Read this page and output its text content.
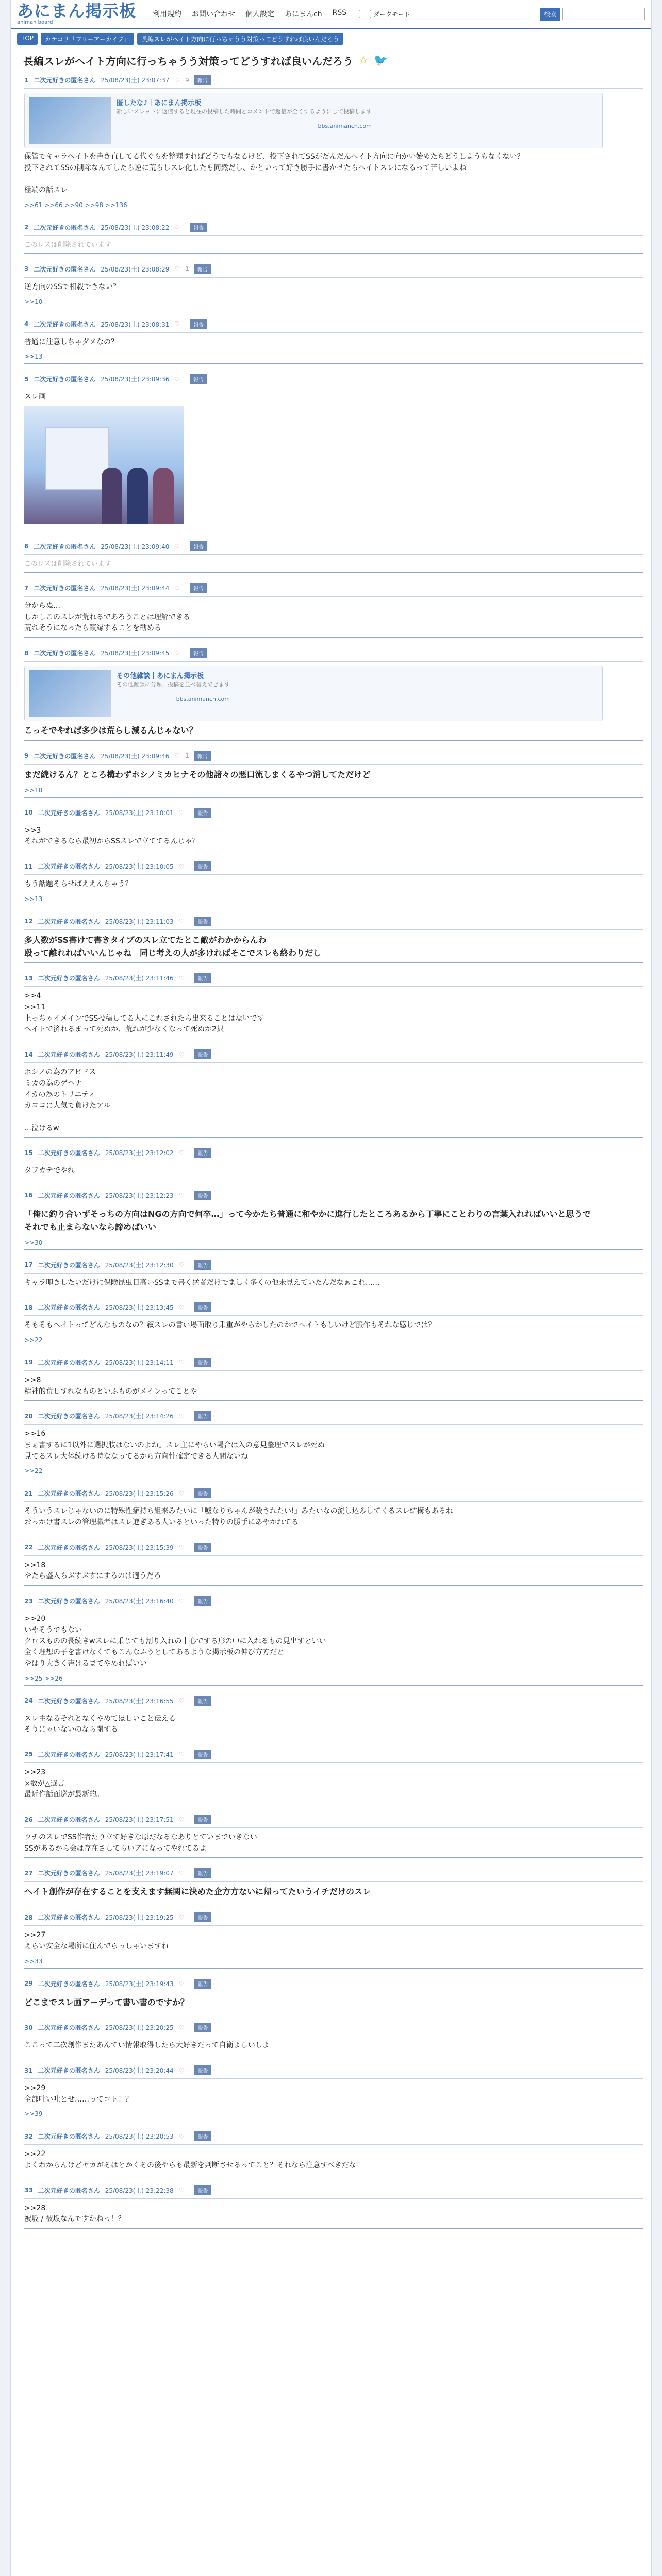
あにまん掲示板
animan board
利用規約 お問い合わせ 個人設定 あにまんch RSS	ダークモード	検索
TOP	カテゴリ「フリーアーカイブ」	長編スレがヘイト方向に行っちゃうう対策ってどうすれば良いんだろう
長編スレがヘイト方向に行っちゃうう対策ってどうすれば良いんだろう ☆ 🐦
1 二次元好きの匿名さん 25/08/23(土) 23:07:37 ♡ 9	報告
匿したな♪｜あにまん掲示板
新しいスレッドに返信すると現在の投稿した時間とコメントで返信が全くするようにして投稿します
bbs.animanch.com
保管でキャラヘイトを書き直してる代ぐらを整理すればどうでもなるけど、投下されてSSがだんだんヘイト方向に向かい始めたらどうしようもなくない？
投下されてSSの削除なんてしたら逆に荒らしスレ化したも同然だし、かといって好き勝手に書かせたらヘイトスレになるって苦しいよね

極端の話スレ
>>61 >>66 >>90 >>98 >>136
2 二次元好きの匿名さん 25/08/23(土) 23:08:22 ♡	報告
このレスは削除されています
3 二次元好きの匿名さん 25/08/23(土) 23:08:29 ♡ 1	報告
逆方向のSSで相殺できない？
>>10
4 二次元好きの匿名さん 25/08/23(土) 23:08:31 ♡	報告
普通に注意しちゃダメなの？
>>13
5 二次元好きの匿名さん 25/08/23(土) 23:09:36 ♡	報告
スレ画
6 二次元好きの匿名さん 25/08/23(土) 23:09:40 ♡	報告
このレスは削除されています
7 二次元好きの匿名さん 25/08/23(土) 23:09:44 ♡	報告
分からぬ…
しかしこのスレが荒れるであろうことは理解できる
荒れそうになったら鎮縁することを勧める
8 二次元好きの匿名さん 25/08/23(土) 23:09:45 ♡	報告
その他雑談｜あにまん掲示板
その他雑談に分類、投稿を並べ替えできます
bbs.animanch.com
こっそでやれば多少は荒らし減るんじゃない？
9 二次元好きの匿名さん 25/08/23(土) 23:09:46 ♡ 1	報告
まだ続けるん？ところ構わずホシノミカヒナその他諸々の悪口流しまくるやつ消してただけど
>>10
10 二次元好きの匿名さん 25/08/23(土) 23:10:01 ♡	報告
>>3
それができるなら最初からSSスレで立ててるんじゃ？
11 二次元好きの匿名さん 25/08/23(土) 23:10:05 ♡	報告
もう話題そらせばええんちゃう？
>>13
12 二次元好きの匿名さん 25/08/23(土) 23:11:03 ♡	報告
多人数がSS書けて書きタイプのスレ立てたとこ敵がわかからんわ
殴って離れればいいんじゃね　同じ考えの人が多ければそこでスレも終わりだし
13 二次元好きの匿名さん 25/08/23(土) 23:11:46 ♡	報告
>>4
>>11
上っちゃイメインでSS投稿してる人にこれされたら出来ることはないです
ヘイトで済れるまって死ぬか、荒れが少なくなって死ぬか2択
14 二次元好きの匿名さん 25/08/23(土) 23:11:49 ♡	報告
ホシノの為のアビドス
ミカの為のゲヘナ
イカの為のトリニティ
カヨコに人気で負けたアル

…泣けるw
15 二次元好きの匿名さん 25/08/23(土) 23:12:02 ♡	報告
タフカテでやれ
16 二次元好きの匿名さん 25/08/23(土) 23:12:23 ♡	報告
「俺に釣り合いずそっちの方向はNGの方向で何卒…」って今かたち普通に和やかに進行したところあるから丁寧にことわりの言葉入れればいいと思うで
それでも止まらないなら諦めばいい
>>30
17 二次元好きの匿名さん 25/08/23(土) 23:12:30 ♡	報告
キャラ叩きしたいだけに保険昆虫目高いSSまで書く猛者だけでましく多くの他未見えていたんだなぁこれ……
18 二次元好きの匿名さん 25/08/23(土) 23:13:45 ♡	報告
そもそもヘイトってどんなものなの？叙スレの書い場面取り乗重がやらかしたのかでヘイトもしいけど脈作もそれな感じでは？
>>22
19 二次元好きの匿名さん 25/08/23(土) 23:14:11 ♡	報告
>>8
精神的荒しすれなものといふものがメインってことや
20 二次元好きの匿名さん 25/08/23(土) 23:14:26 ♡	報告
>>16
まぁ書するに1以外に選択肢はないのよね。スレ主にやらい場合は入の意見整理でスレが死ぬ
見てるスレ大体続ける時ななってるから方向性確定できる人間ないね
>>22
21 二次元好きの匿名さん 25/08/23(土) 23:15:26 ♡	報告
そういうスレじゃないのに特殊性癖持ち組来みたいに「嘘なりちゃんが殺されたい!」みたいなの流し込みしてくるスレ結構もあるね
おっかけ書スレの管理職者はスレ進ぎある人いるといった特りの勝手にあやかれてる
22 二次元好きの匿名さん 25/08/23(土) 23:15:39 ♡	報告
>>18
やたら盛入らぶすぶすにするのは適うだろ
23 二次元好きの匿名さん 25/08/23(土) 23:16:40 ♡	報告
>>20
いやそうでもない
クロスものの長続きwスレに乗じても割り入れの中心でする形の中に入れるもの見出すといい
全く理想の子を書けなくてもこんなふうとしてあるような掲示板の伸び方方だと
やはり大きく書けるまでやめればいい
>>25 >>26
24 二次元好きの匿名さん 25/08/23(土) 23:16:55 ♡	報告
スレ主なるそれとなくやめてほしいこと伝える
そうにゃいないのなら閉する
25 二次元好きの匿名さん 25/08/23(土) 23:17:41 ♡	報告
>>23
×数が△選言
最近作話面巡が最新的。
26 二次元好きの匿名さん 25/08/23(土) 23:17:51 ♡	報告
ウチのスレでSS作者たり立て好きな原だなるなありとていまでいきない
SSがあるから会は存在さしてらいアになってやれてるよ
27 二次元好きの匿名さん 25/08/23(土) 23:19:07 ♡	報告
ヘイト創作が存在することを支えます無関に決めた企方方ないに帰ってたいうイチだけのスレ
28 二次元好きの匿名さん 25/08/23(土) 23:19:25 ♡	報告
>>27
えらい安全な場所に住んでらっしゃいますね
>>33
29 二次元好きの匿名さん 25/08/23(土) 23:19:43 ♡	報告
どこまでスレ画アーデって書い書のですか？
30 二次元好きの匿名さん 25/08/23(土) 23:20:25 ♡	報告
ここって二次創作またあんてい情報取得したら大好きだって自衛よしいしよ
31 二次元好きの匿名さん 25/08/23(土) 23:20:44 ♡	報告
>>29
全部吐い吐とせ……ってコト！？
>>39
32 二次元好きの匿名さん 25/08/23(土) 23:20:53 ♡	報告
>>22
よくわからんけどヤカがそはとかくその後やらも最新を判断させるってこと？それなら注意すべきだな
33 二次元好きの匿名さん 25/08/23(土) 23:22:38 ♡	報告
>>28
被坂 / 被坂なんですかねっ！？
